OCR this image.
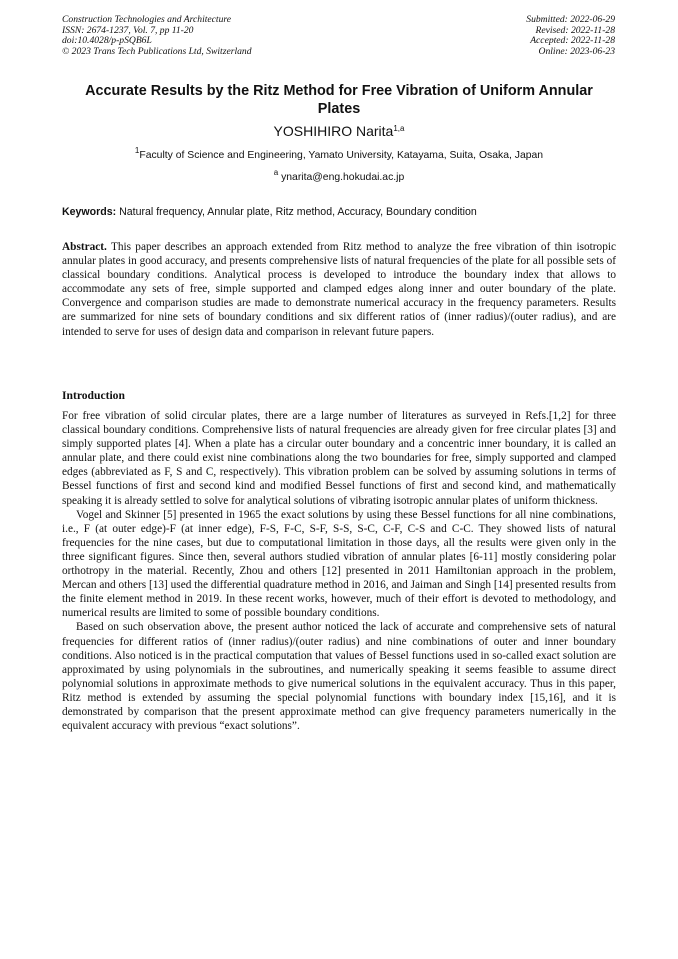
Construction Technologies and Architecture
ISSN: 2674-1237, Vol. 7, pp 11-20
doi:10.4028/p-pSQB6L
© 2023 Trans Tech Publications Ltd, Switzerland
Submitted: 2022-06-29
Revised: 2022-11-28
Accepted: 2022-11-28
Online: 2023-06-23
Accurate Results by the Ritz Method for Free Vibration of Uniform Annular Plates
YOSHIHIRO Narita$^{1,a}$
$^1$Faculty of Science and Engineering, Yamato University, Katayama, Suita, Osaka, Japan
$^a$ ynarita@eng.hokudai.ac.jp
Keywords: Natural frequency, Annular plate, Ritz method, Accuracy, Boundary condition

Abstract. This paper describes an approach extended from Ritz method to analyze the free vibration of thin isotropic annular plates in good accuracy, and presents comprehensive lists of natural frequencies of the plate for all possible sets of classical boundary conditions. Analytical process is developed to introduce the boundary index that allows to accommodate any sets of free, simple supported and clamped edges along inner and outer boundary of the plate. Convergence and comparison studies are made to demonstrate numerical accuracy in the frequency parameters. Results are summarized for nine sets of boundary conditions and six different ratios of (inner radius)/(outer radius), and are intended to serve for uses of design data and comparison in relevant future papers.

Introduction

For free vibration of solid circular plates, there are a large number of literatures as surveyed in Refs.[1,2] for three classical boundary conditions. Comprehensive lists of natural frequencies are already given for free circular plates [3] and simply supported plates [4]. When a plate has a circular outer boundary and a concentric inner boundary, it is called an annular plate, and there could exist nine combinations along the two boundaries for free, simply supported and clamped edges (abbreviated as F, S and C, respectively). This vibration problem can be solved by assuming solutions in terms of Bessel functions of first and second kind and modified Bessel functions of first and second kind, and mathematically speaking it is already settled to solve for analytical solutions of vibrating isotropic annular plates of uniform thickness.

Vogel and Skinner [5] presented in 1965 the exact solutions by using these Bessel functions for all nine combinations, i.e., F (at outer edge)-F (at inner edge), F-S, F-C, S-F, S-S, S-C, C-F, C-S and C-C. They showed lists of natural frequencies for the nine cases, but due to computational limitation in those days, all the results were given only in the three significant figures. Since then, several authors studied vibration of annular plates [6-11] mostly considering polar orthotropy in the material. Recently, Zhou and others [12] presented in 2011 Hamiltonian approach in the problem, Mercan and others [13] used the differential quadrature method in 2016, and Jaiman and Singh [14] presented results from the finite element method in 2019. In these recent works, however, much of their effort is devoted to methodology, and numerical results are limited to some of possible boundary conditions.

Based on such observation above, the present author noticed the lack of accurate and comprehensive sets of natural frequencies for different ratios of (inner radius)/(outer radius) and nine combinations of outer and inner boundary conditions. Also noticed is in the practical computation that values of Bessel functions used in so-called exact solution are approximated by using polynomials in the subroutines, and numerically speaking it seems feasible to assume direct polynomial solutions in approximate methods to give numerical solutions in the equivalent accuracy. Thus in this paper, Ritz method is extended by assuming the special polynomial functions with boundary index [15,16], and it is demonstrated by comparison that the present approximate method can give frequency parameters numerically in the equivalent accuracy with previous “exact solutions”.
